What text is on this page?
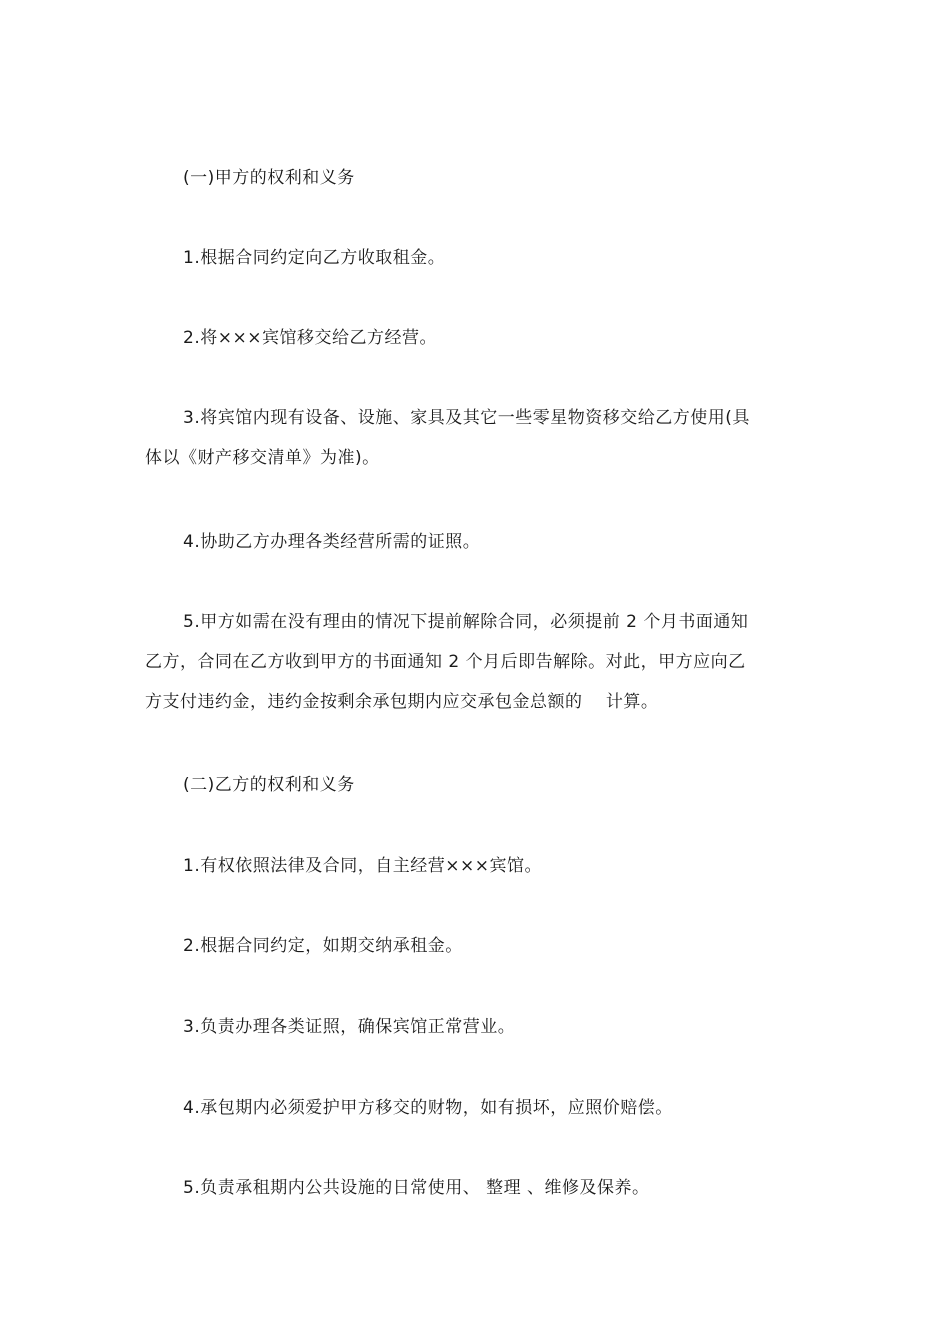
(一)甲方的权利和义务

1.根据合同约定向乙方收取租金。

2.将×××宾馆移交给乙方经营。

3.将宾馆内现有设备、设施、家具及其它一些零星物资移交给乙方使用(具
体以《财产移交清单》为准)。

4.协助乙方办理各类经营所需的证照。

5.甲方如需在没有理由的情况下提前解除合同，必须提前 2 个月书面通知
乙方，合同在乙方收到甲方的书面通知 2 个月后即告解除。对此，甲方应向乙
方支付违约金，违约金按剩余承包期内应交承包金总额的　 计算。

(二)乙方的权利和义务

1.有权依照法律及合同，自主经营×××宾馆。

2.根据合同约定，如期交纳承租金。

3.负责办理各类证照，确保宾馆正常营业。

4.承包期内必须爱护甲方移交的财物，如有损坏，应照价赔偿。

5.负责承租期内公共设施的日常使用、 整理 、维修及保养。
